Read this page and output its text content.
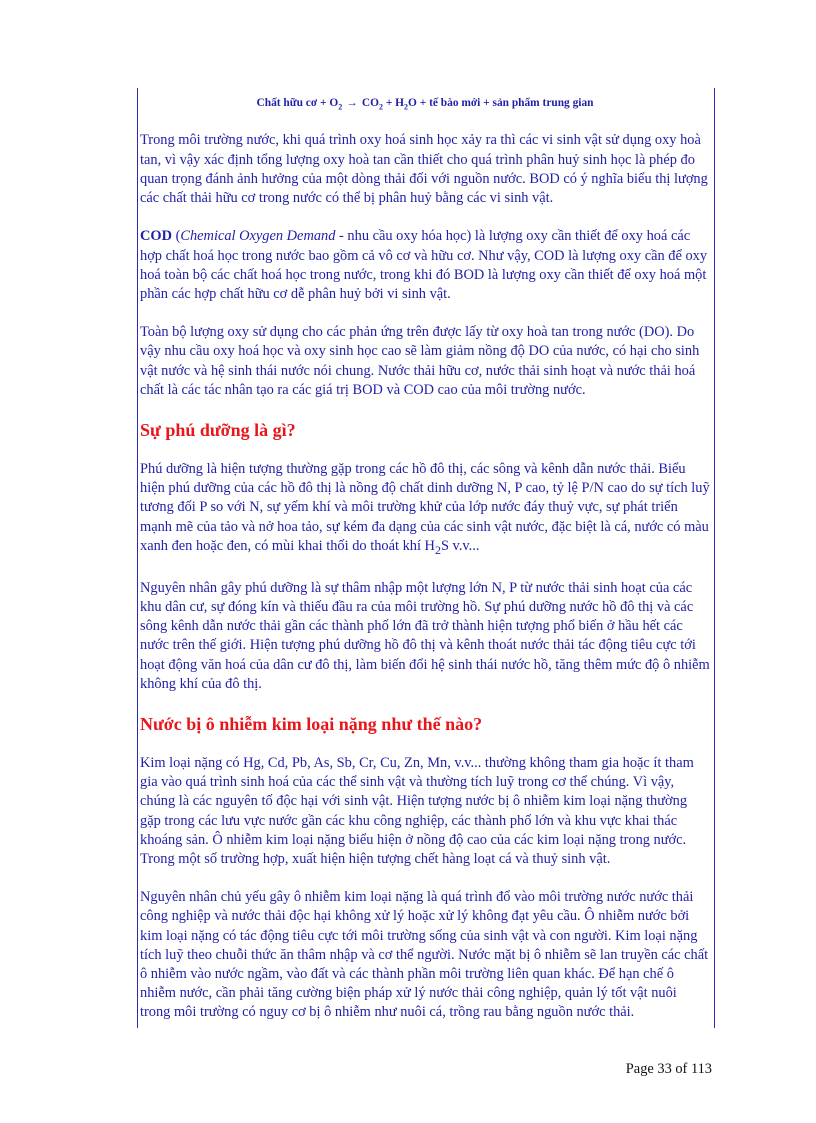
Chất hữu cơ + $O_2 \to CO_2 + H_2O$ + tế bào mới + sản phẩm trung gian

Trong môi trường nước, khi quá trình oxy hoá sinh học xảy ra thì các vi sinh vật sử dụng oxy hoà tan, vì vậy xác định tổng lượng oxy hoà tan cần thiết cho quá trình phân huỷ sinh học là phép đo quan trọng đánh ảnh hưởng của một dòng thải đối với nguồn nước. BOD có ý nghĩa biểu thị lượng các chất thải hữu cơ trong nước có thể bị phân huỷ bằng các vi sinh vật.

COD (Chemical Oxygen Demand - nhu cầu oxy hóa học) là lượng oxy cần thiết để oxy hoá các hợp chất hoá học trong nước bao gồm cả vô cơ và hữu cơ. Như vậy, COD là lượng oxy cần để oxy hoá toàn bộ các chất hoá học trong nước, trong khi đó BOD là lượng oxy cần thiết để oxy hoá một phần các hợp chất hữu cơ dễ phân huỷ bởi vi sinh vật.

Toàn bộ lượng oxy sử dụng cho các phản ứng trên được lấy từ oxy hoà tan trong nước (DO). Do vậy nhu cầu oxy hoá học và oxy sinh học cao sẽ làm giảm nồng độ DO của nước, có hại cho sinh vật nước và hệ sinh thái nước nói chung. Nước thải hữu cơ, nước thải sinh hoạt và nước thải hoá chất là các tác nhân tạo ra các giá trị BOD và COD cao của môi trường nước.

Sự phú dưỡng là gì?

Phú dưỡng là hiện tượng thường gặp trong các hồ đô thị, các sông và kênh dẫn nước thải. Biểu hiện phú dưỡng của các hồ đô thị là nồng độ chất dinh dưỡng N, P cao, tỷ lệ P/N cao do sự tích luỹ tương đối P so với N, sự yếm khí và môi trường khử của lớp nước đáy thuỷ vực, sự phát triển mạnh mẽ của tảo và nở hoa tảo, sự kém đa dạng của các sinh vật nước, đặc biệt là cá, nước có màu xanh đen hoặc đen, có mùi khai thối do thoát khí $H_2S$ v.v...

Nguyên nhân gây phú dưỡng là sự thâm nhập một lượng lớn N, P từ nước thải sinh hoạt của các khu dân cư, sự đóng kín và thiếu đầu ra của môi trường hồ. Sự phú dưỡng nước hồ đô thị và các sông kênh dẫn nước thải gần các thành phố lớn đã trở thành hiện tượng phổ biến ở hầu hết các nước trên thế giới. Hiện tượng phú dưỡng hồ đô thị và kênh thoát nước thải tác động tiêu cực tới hoạt động văn hoá của dân cư đô thị, làm biến đổi hệ sinh thái nước hồ, tăng thêm mức độ ô nhiễm không khí của đô thị.

Nước bị ô nhiễm kim loại nặng như thế nào?

Kim loại nặng có Hg, Cd, Pb, As, Sb, Cr, Cu, Zn, Mn, v.v... thường không tham gia hoặc ít tham gia vào quá trình sinh hoá của các thể sinh vật và thường tích luỹ trong cơ thể chúng. Vì vậy, chúng là các nguyên tố độc hại với sinh vật. Hiện tượng nước bị ô nhiễm kim loại nặng thường gặp trong các lưu vực nước gần các khu công nghiệp, các thành phố lớn và khu vực khai thác khoáng sản. Ô nhiễm kim loại nặng biểu hiện ở nồng độ cao của các kim loại nặng trong nước. Trong một số trường hợp, xuất hiện hiện tượng chết hàng loạt cá và thuỷ sinh vật.

Nguyên nhân chủ yếu gây ô nhiễm kim loại nặng là quá trình đổ vào môi trường nước nước thải công nghiệp và nước thải độc hại không xử lý hoặc xử lý không đạt yêu cầu. Ô nhiễm nước bởi kim loại nặng có tác động tiêu cực tới môi trường sống của sinh vật và con người. Kim loại nặng tích luỹ theo chuỗi thức ăn thâm nhập và cơ thể người. Nước mặt bị ô nhiễm sẽ lan truyền các chất ô nhiễm vào nước ngầm, vào đất và các thành phần môi trường liên quan khác. Để hạn chế ô nhiễm nước, cần phải tăng cường biện pháp xử lý nước thải công nghiệp, quản lý tốt vật nuôi trong môi trường có nguy cơ bị ô nhiễm như nuôi cá, trồng rau bằng nguồn nước thải.

Page 33 of 113
